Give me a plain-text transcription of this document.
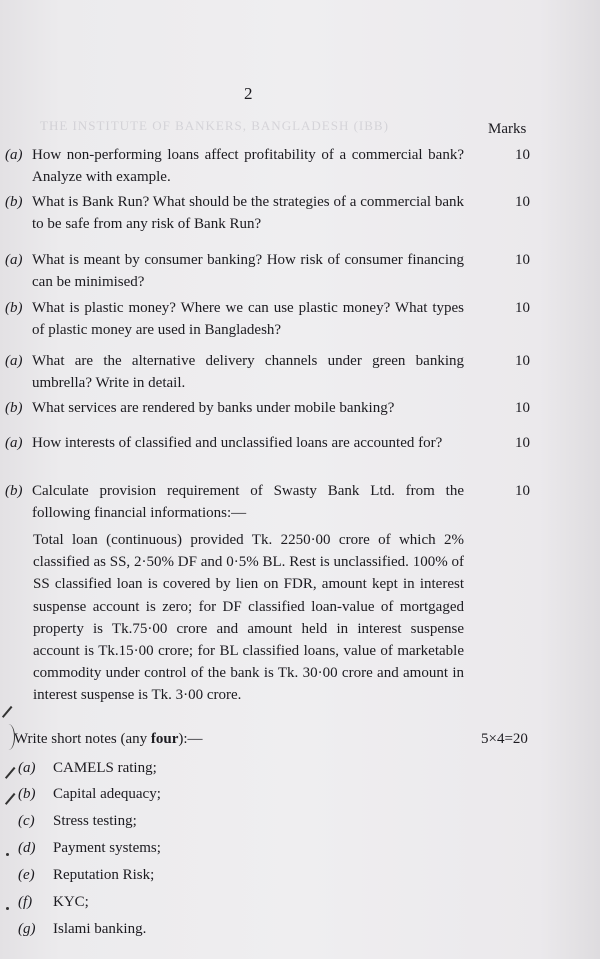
THE INSTITUTE OF BANKERS, BANGLADESH (IBB)
2
Marks
(a) How non-performing loans affect profitability of a commercial bank? Analyze with example.
10
(b) What is Bank Run? What should be the strategies of a commercial bank to be safe from any risk of Bank Run?
10
(a) What is meant by consumer banking? How risk of consumer financing can be minimised?
10
(b) What is plastic money? Where we can use plastic money? What types of plastic money are used in Bangladesh?
10
(a) What are the alternative delivery channels under green banking umbrella? Write in detail.
10
(b) What services are rendered by banks under mobile banking?	10
(a) How interests of classified and unclassified loans are accounted for?	10
(b) Calculate provision requirement of Swasty Bank Ltd. from the following financial informations:—
10
Total loan (continuous) provided Tk. 2250·00 crore of which 2% classified as SS, 2·50% DF and 0·5% BL. Rest is unclassified. 100% of SS classified loan is covered by lien on FDR, amount kept in interest suspense account is zero; for DF classified loan-value of mortgaged property is Tk.75·00 crore and amount held in interest suspense account is Tk.15·00 crore; for BL classified loans, value of marketable commodity under control of the bank is Tk. 30·00 crore and amount in interest suspense is Tk. 3·00 crore.
Write short notes (any four):—	5×4=20
(a) CAMELS rating;
(b) Capital adequacy;
(c) Stress testing;
(d) Payment systems;
(e) Reputation Risk;
(f) KYC;
(g) Islami banking.
